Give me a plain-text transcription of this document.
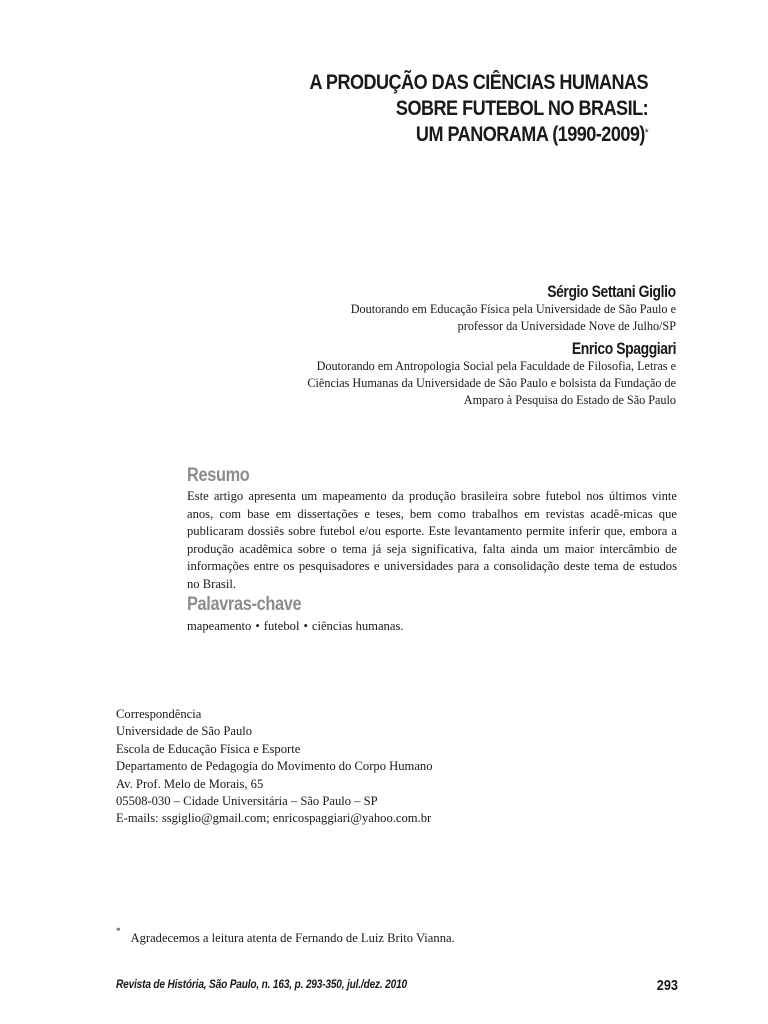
A PRODUÇÃO DAS CIÊNCIAS HUMANAS
SOBRE FUTEBOL NO BRASIL:
UM PANORAMA (1990-2009)*
Sérgio Settani Giglio
Doutorando em Educação Física pela Universidade de São Paulo e
professor da Universidade Nove de Julho/SP
Enrico Spaggiari
Doutorando em Antropologia Social pela Faculdade de Filosofia, Letras e
Ciências Humanas da Universidade de São Paulo e bolsista da Fundação de
Amparo à Pesquisa do Estado de São Paulo
Resumo
Este artigo apresenta um mapeamento da produção brasileira sobre futebol nos últimos vinte anos, com base em dissertações e teses, bem como trabalhos em revistas acadê-micas que publicaram dossiês sobre futebol e/ou esporte. Este levantamento permite inferir que, embora a produção acadêmica sobre o tema já seja significativa, falta ainda um maior intercâmbio de informações entre os pesquisadores e universidades para a consolidação deste tema de estudos no Brasil.
Palavras-chave
mapeamento • futebol • ciências humanas.
Correspondência
Universidade de São Paulo
Escola de Educação Física e Esporte
Departamento de Pedagogia do Movimento do Corpo Humano
Av. Prof. Melo de Morais, 65
05508-030 – Cidade Universitária – São Paulo – SP
E-mails: ssgiglio@gmail.com; enricospaggiari@yahoo.com.br
*Agradecemos a leitura atenta de Fernando de Luiz Brito Vianna.
Revista de História, São Paulo, n. 163, p. 293-350, jul./dez. 2010	293
